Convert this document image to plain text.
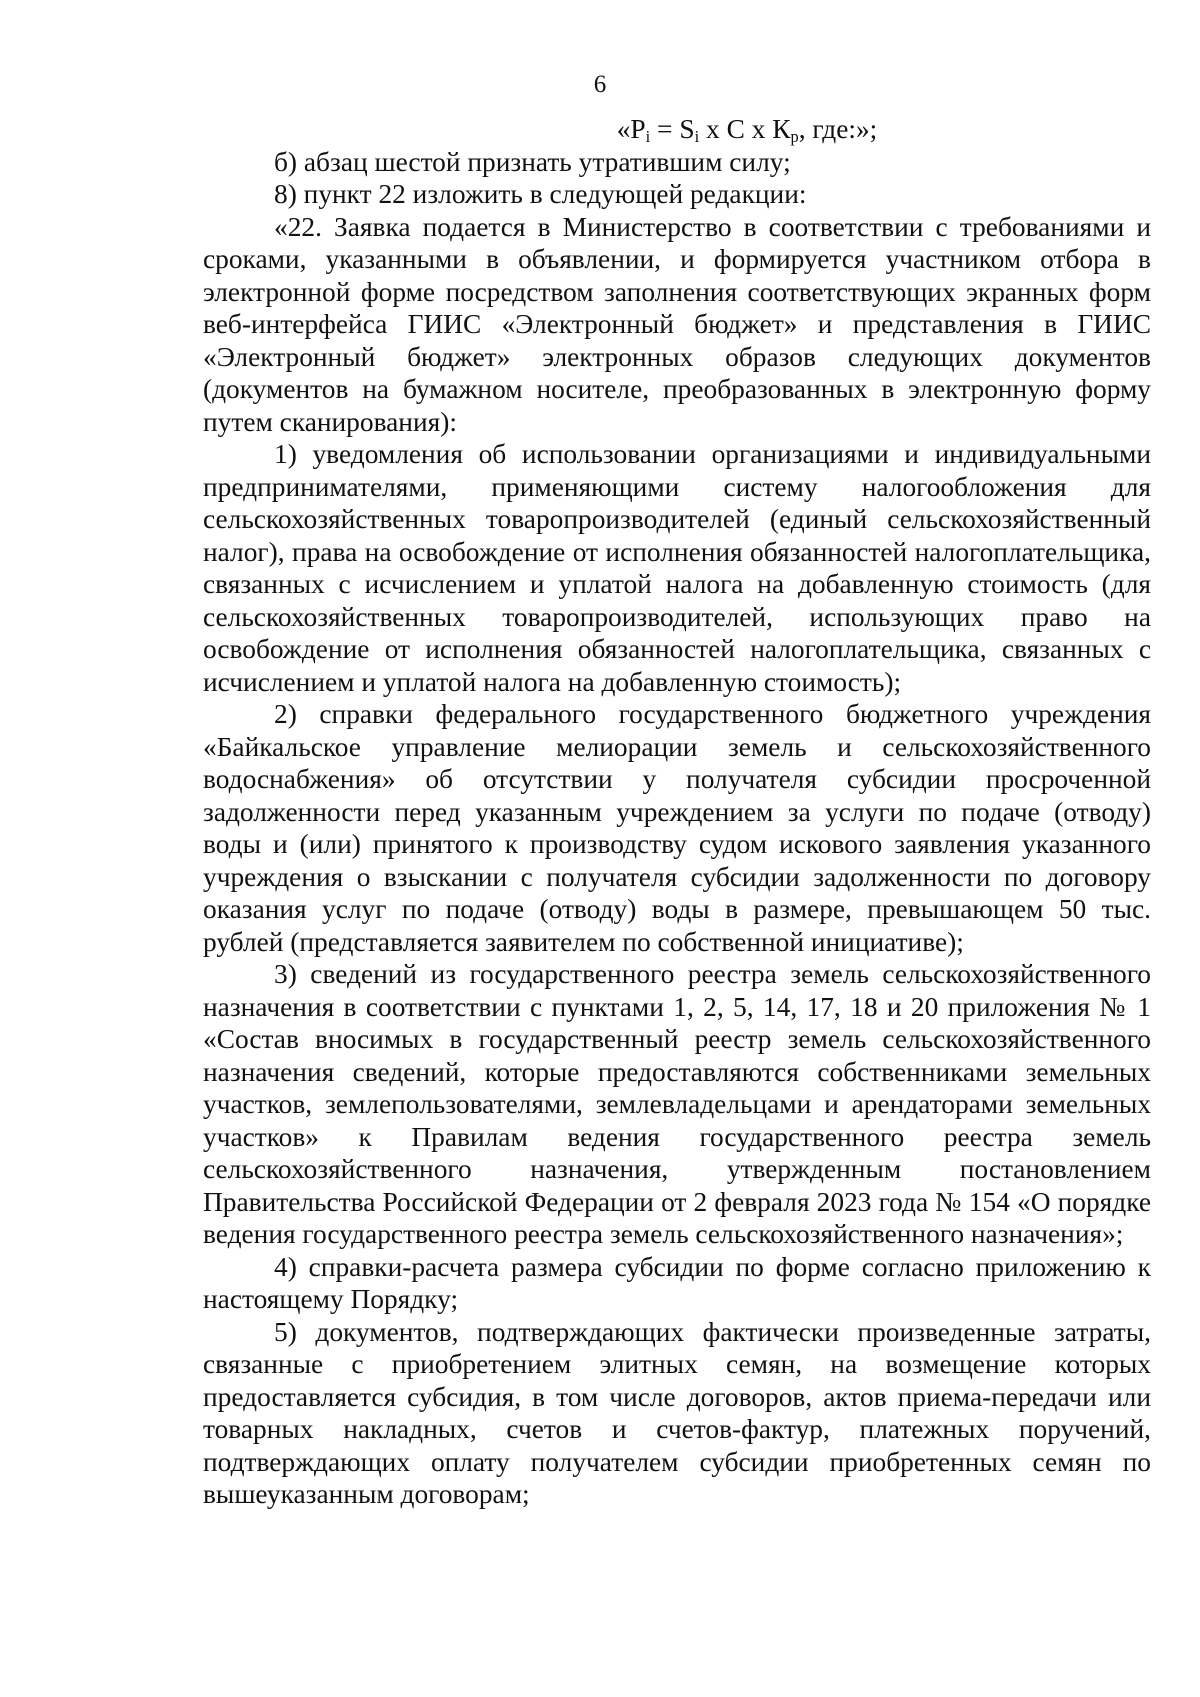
6

«$P_i = S_i$ x C x $К_р$, где:»;

б) абзац шестой признать утратившим силу;

8) пункт 22 изложить в следующей редакции:

«22. Заявка подается в Министерство в соответствии с требованиями и сроками, указанными в объявлении, и формируется участником отбора в электронной форме посредством заполнения соответствующих экранных форм веб-интерфейса ГИИС «Электронный бюджет» и представления в ГИИС «Электронный бюджет» электронных образов следующих документов (документов на бумажном носителе, преобразованных в электронную форму путем сканирования):

1) уведомления об использовании организациями и индивидуальными предпринимателями, применяющими систему налогообложения для сельскохозяйственных товаропроизводителей (единый сельскохозяйственный налог), права на освобождение от исполнения обязанностей налогоплательщика, связанных с исчислением и уплатой налога на добавленную стоимость (для сельскохозяйственных товаропроизводителей, использующих право на освобождение от исполнения обязанностей налогоплательщика, связанных с исчислением и уплатой налога на добавленную стоимость);

2) справки федерального государственного бюджетного учреждения «Байкальское управление мелиорации земель и сельскохозяйственного водоснабжения» об отсутствии у получателя субсидии просроченной задолженности перед указанным учреждением за услуги по подаче (отводу) воды и (или) принятого к производству судом искового заявления указанного учреждения о взыскании с получателя субсидии задолженности по договору оказания услуг по подаче (отводу) воды в размере, превышающем 50 тыс. рублей (представляется заявителем по собственной инициативе);

3) сведений из государственного реестра земель сельскохозяйственного назначения в соответствии с пунктами 1, 2, 5, 14, 17, 18 и 20 приложения № 1 «Состав вносимых в государственный реестр земель сельскохозяйственного назначения сведений, которые предоставляются собственниками земельных участков, землепользователями, землевладельцами и арендаторами земельных участков» к Правилам ведения государственного реестра земель сельскохозяйственного назначения, утвержденным постановлением Правительства Российской Федерации от 2 февраля 2023 года № 154 «О порядке ведения государственного реестра земель сельскохозяйственного назначения»;

4) справки-расчета размера субсидии по форме согласно приложению к настоящему Порядку;

5) документов, подтверждающих фактически произведенные затраты, связанные с приобретением элитных семян, на возмещение которых предоставляется субсидия, в том числе договоров, актов приема-передачи или товарных накладных, счетов и счетов-фактур, платежных поручений, подтверждающих оплату получателем субсидии приобретенных семян по вышеуказанным договорам;
